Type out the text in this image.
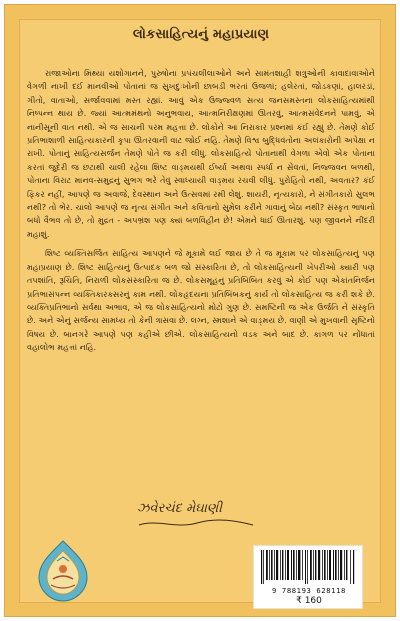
લોકસાહિત્યનું મહાપ્રયાણ

રાજાઓના મિથ્યા યશોગાનને, પુરુષોના પ્રપંચલીલાઓને અને સામંતશાહી શત્રુઓની કાવાદાવાઓને વેગળી નાખી દઈ માનવીઓ પોતાનાં જ સુખદુઃખોની છાબડી ભરતાં ઉજળાં; હલેરતાં, જોડકણાં, હાલરડાં, ગીતો, વાતાઓ, સર્જાવવામાં મસ્ત રહ્યાં. આવું એક ઉજ્જ્વળ સત્ય જનસમસ્તના લોકસાહિત્યમાંથી નિષ્પન્ન થાય છે. જ્યાં આત્મમંથનો અનુભવાય, આત્મનિરીક્ષણમાં ઊતરવું, આત્મસંવેદનને પામવું, એ નાનીસૂની વાત નથી. એ જ સાચની પરમ મહત્તા છે. લોકોને આ નિરાકાર પ્રશ્નમાં કંઈ રહ્યું છે. તેમણે કોઈ પ્રતિભાશાળી સાહિત્યકારની કૃપા ઊતરવાની વાટ જોઈ નહિ. તેમણે વિશ્વ બુદ્ધિવંતોના અલંકારોની અપેક્ષા ન રાખી. પોતાનું સાહિત્યસર્જન તેમણે પોતે જ કરી લીધું. લોકસાહિત્યે પોતાનાથી વેગળા એવો એક પોતાના કરતાં જુદેરી જ છટાથી ચાલી રહેલા શિષ્ટ વાઙ્મયથી ઈર્ષ્યા અથવા સ્પર્ધા ન સેવતાં, નિજ્જવન બળથી, પોતાના વિરાટ માનવ-સમુદ્રનું સુભગ ભરે તેવું સ્વાધ્યાયી વાઙ્મય રચવી લીધું. પુરોહિતો નથી, અવતાર? કંઈ ફિકર નહીં, આપણે જ અવાજે, દેવસ્થાન અને ઉત્સવમાં રમી લેશું. શાયરી, નૃત્યકારો, ને સંગીતકારો સુલભ નથી? તો ભેર. ચાલો આપણે જ નૃત્ય સંગીત અને કવિતાનો સુમેલ કરીને ગાવાનું બેઠા નથી? સંસ્કૃત ભાષાનો બધો વૈભવ તો છે, તો મુદ્રત - અપભ્રંશ પણ ક્યાં બળવિહીન છે! એમને ધાઈ ઊતારશું. પણ જીવનને નીંદરી મહાશું.

શિષ્ટ વ્યક્તિસર્જિત સાહિત્ય આપણને જે મૂકામે લઈ જાય છે તે જ મૂકામ પર લોકસાહિત્યનું પણ મહાપ્રયાણ છે. શિષ્ટ સાહિત્યનું ઉત્પાદક બળ જો સંસ્કારિતા છે, તો લોકસાહિત્યની ખેપરીઓ ક્યારી પણ તપશાંતિ, રૂચિતિ, નિરાળી લોકસંસ્કારિતા જ છે. લોકસમૂહનું પ્રતિબિંબિત કરવું એ કોઈ પણ એકાંતનિર્જન પ્રતિભાસંપન્ન વ્યક્તિકારક્સરનું કામ નથી. લોકહૃદયના પ્રતિબિંબકનું કાર્ય તો લોકસાહિત્ય જ કરી શકે છે. વ્યક્તિપ્રતિભાનો સર્વથા અભાવ, એ જ લોકસાહિત્યનો મોટો ગુણ છે. સમષ્ટિની જ એક ઉર્જતિ ને સંસ્કૃતિ છે. અને એનું સર્જન્ય સામધ્ય તો કેની ત્રાસવા છે. લગ્ન, સ્મશાને એ વાઙ્મય છે. વાણી એ મુખવાની સૃષ્ટિનો વિષય છે. બાનગરે આપણે પણ કહીએ છીએ. લોકસાહિત્યનો વડક અને બાદ છે. કાગળ પર નોંધાતાં વહાલોભ મહત્તાં નહિ.

ઝવેરચંદ મેઘાણી
9 788193 628118
₹ 160
